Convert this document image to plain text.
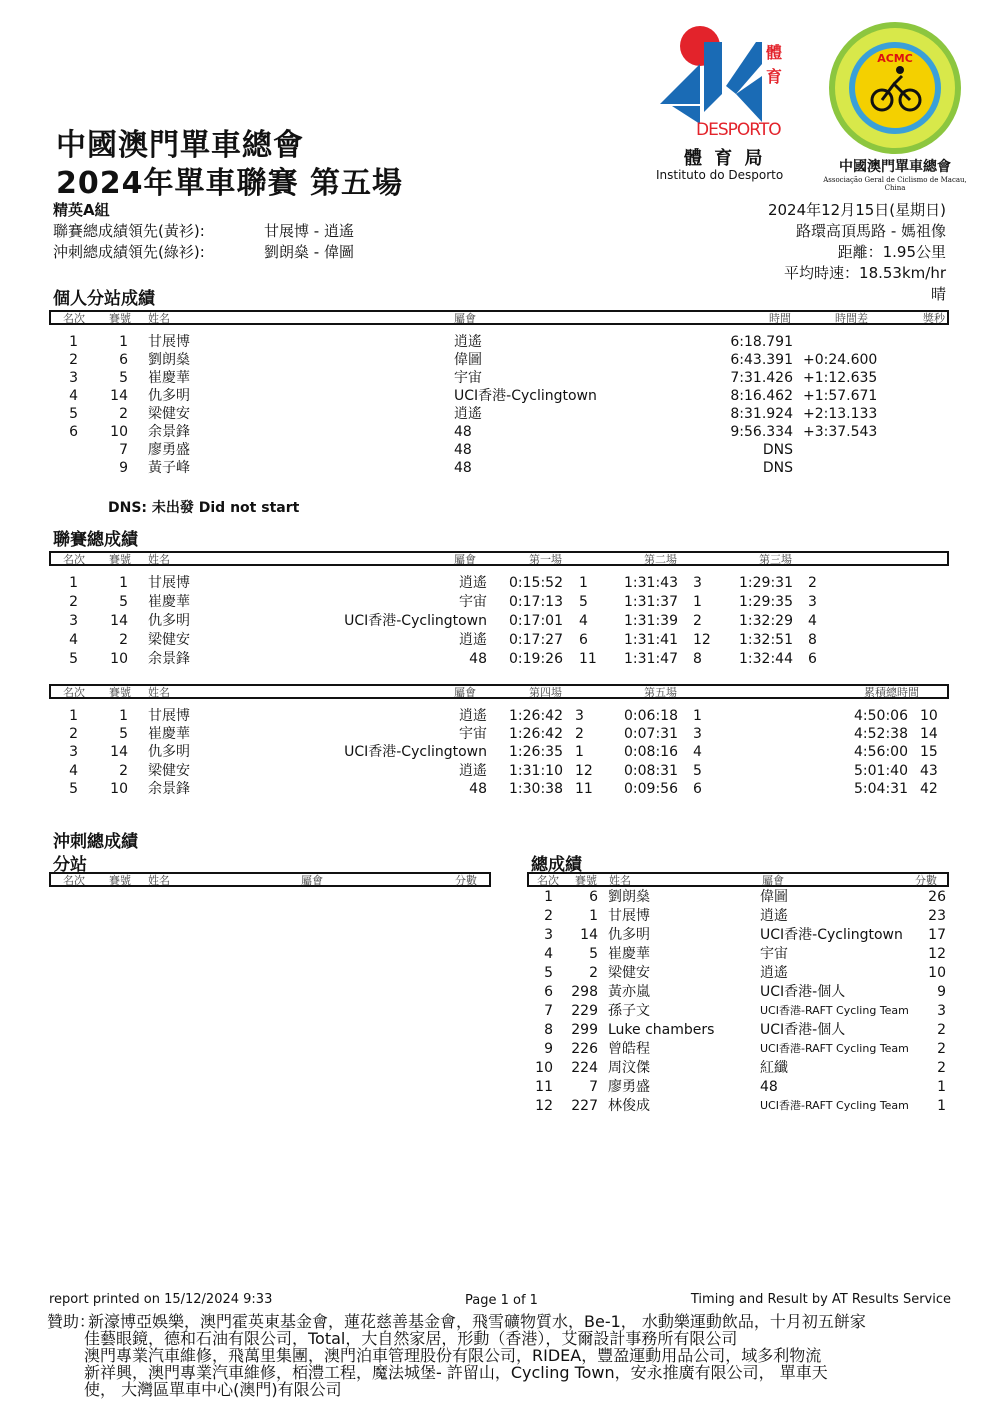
中國澳門單車總會
2024年單車聯賽 第五場
精英A組
聯賽總成績領先(黃衫):	甘展博 - 逍遙
沖刺總成績領先(綠衫):	劉朗燊 - 偉圖
2024年12月15日(星期日)
路環高頂馬路 - 媽祖像
距離：1.95公里
平均時速：18.53km/hr
晴
體
育
DESPORTO
體 育 局
Instituto do Desporto
ACMC
中國澳門單車總會
Associação Geral de Ciclismo de Macau, China
個人分站成績
名次 賽號 姓名	屬會	時間	時間差	獎秒
1	1 甘展博	逍遙	6:18.791
2	6 劉朗燊	偉圖	6:43.391 +0:24.600
3	5 崔慶華	宇宙	7:31.426 +1:12.635
4	14 仇多明	UCI香港-Cyclingtown	8:16.462 +1:57.671
5	2 梁健安	逍遙	8:31.924 +2:13.133
6	10 余景鋒	48	9:56.334 +3:37.543
7 廖勇盛	48	DNS
9 黃子峰	48	DNS
DNS: 未出發 Did not start
聯賽總成績
名次 賽號 姓名	屬會	第一場	第二場	第三場
1	1 甘展博	逍遙	0:15:52 1	1:31:43 3	1:29:31 2
2	5 崔慶華	宇宙	0:17:13 5	1:31:37 1	1:29:35 3
3	14 仇多明	UCI香港-Cyclingtown	0:17:01 4	1:31:39 2	1:32:29 4
4	2 梁健安	逍遙	0:17:27 6	1:31:41 12	1:32:51 8
5	10 余景鋒	48	0:19:26 11	1:31:47 8	1:32:44 6
名次 賽號 姓名	屬會	第四場	第五場	累積總時間
1	1 甘展博	逍遙	1:26:42 3	0:06:18 1	4:50:06 10
2	5 崔慶華	宇宙	1:26:42 2	0:07:31 3	4:52:38 14
3	14 仇多明	UCI香港-Cyclingtown	1:26:35 1	0:08:16 4	4:56:00 15
4	2 梁健安	逍遙	1:31:10 12	0:08:31 5	5:01:40 43
5	10 余景鋒	48	1:30:38 11	0:09:56 6	5:04:31 42
沖刺總成績
分站
名次 賽號 姓名	屬會	分數
總成績
名次 賽號 姓名	屬會	分數
1	6 劉朗燊	偉圖	26
2	1 甘展博	逍遙	23
3	14 仇多明	UCI香港-Cyclingtown	17
4	5 崔慶華	宇宙	12
5	2 梁健安	逍遙	10
6	298 黃亦嵐	UCI香港-個人	9
7	229 孫子文	UCI香港-RAFT Cycling Team	3
8	299 Luke chambers	UCI香港-個人	2
9	226 曾皓程	UCI香港-RAFT Cycling Team	2
10	224 周汶傑	紅纖	2
11	7 廖勇盛	48	1
12	227 林俊成	UCI香港-RAFT Cycling Team	1
report printed on 15/12/2024 9:33	Page 1 of 1	Timing and Result by AT Results Service
贊助：
新濠博亞娛樂，澳門霍英東基金會，蓮花慈善基金會，飛雪礦物質水，Be-1， 水動樂運動飲品，十月初五餅家
佳藝眼鏡，德和石油有限公司，Total，大自然家居，形動（香港），艾爾設計事務所有限公司
澳門專業汽車維修，飛萬里集團，澳門泊車管理股份有限公司，RIDEA，豐盈運動用品公司，域多利物流
新祥興，澳門專業汽車維修，栢澧工程，魔法城堡- 許留山，Cycling Town，安永推廣有限公司， 單車天
使， 大灣區單車中心(澳門)有限公司
